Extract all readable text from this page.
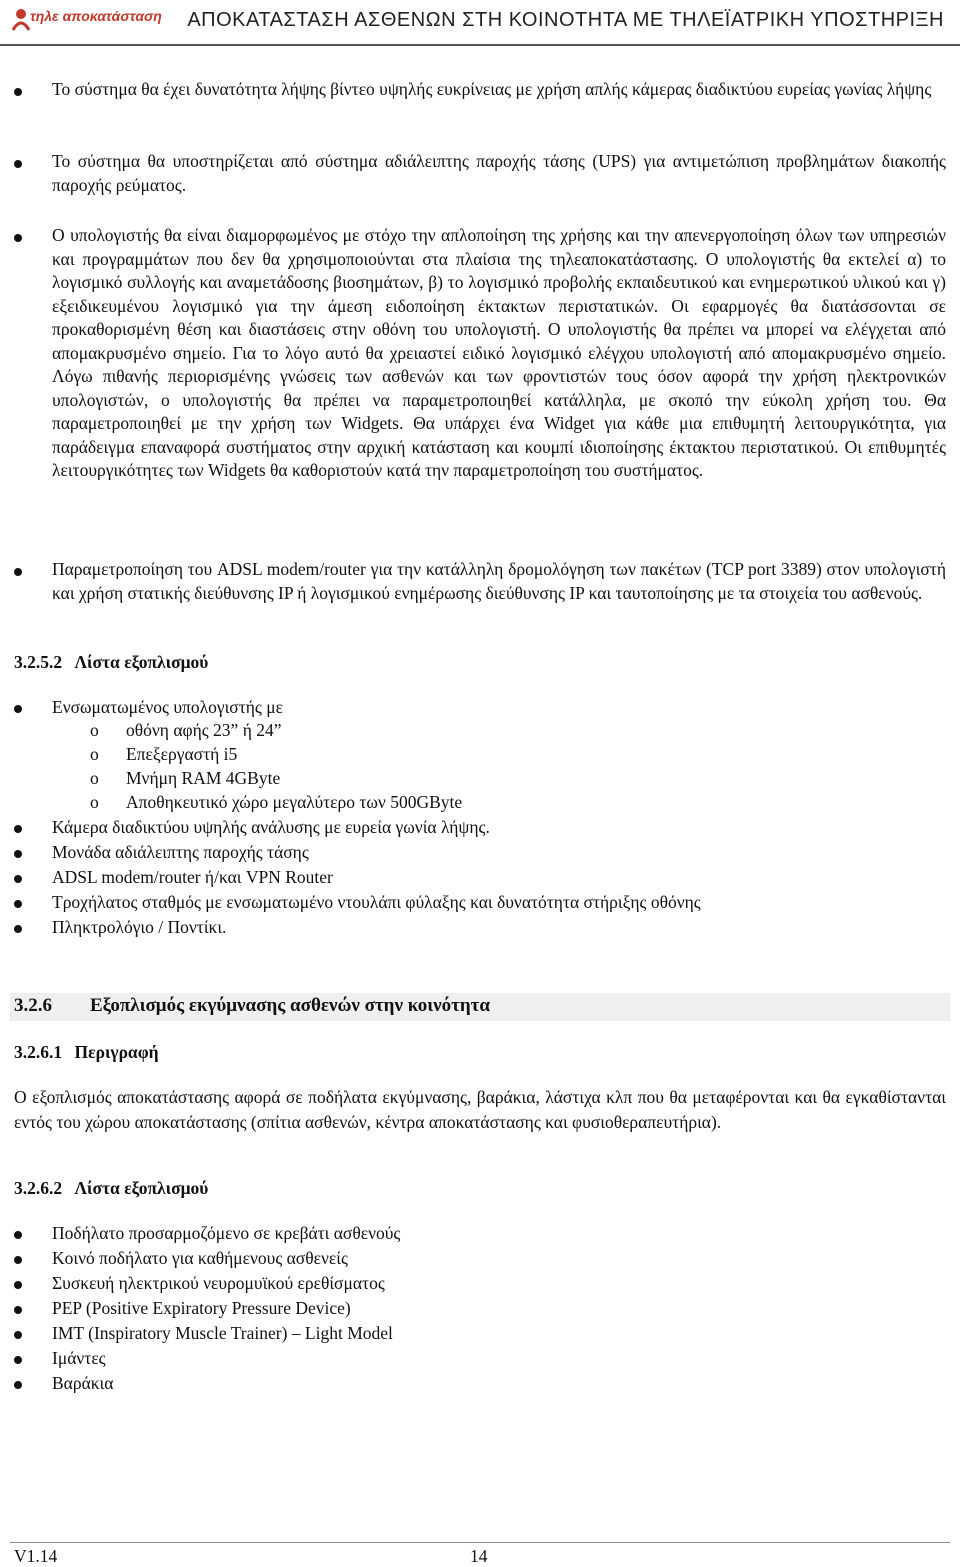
τηλε αποκατάσταση ΑΠΟΚΑΤΑΣΤΑΣΗ ΑΣΘΕΝΩΝ ΣΤΗ ΚΟΙΝΟΤΗΤΑ ΜΕ ΤΗΛΕΪΑΤΡΙΚΗ ΥΠΟΣΤΗΡΙΞΗ
Το σύστημα θα έχει δυνατότητα λήψης βίντεο υψηλής ευκρίνειας με χρήση απλής κάμερας διαδικτύου ευρείας γωνίας λήψης
Το σύστημα θα υποστηρίζεται από σύστημα αδιάλειπτης παροχής τάσης (UPS) για αντιμετώπιση προβλημάτων διακοπής παροχής ρεύματος.
Ο υπολογιστής θα είναι διαμορφωμένος με στόχο την απλοποίηση της χρήσης και την απενεργοποίηση όλων των υπηρεσιών και προγραμμάτων που δεν θα χρησιμοποιούνται στα πλαίσια της τηλεαποκατάστασης. Ο υπολογιστής θα εκτελεί α) το λογισμικό συλλογής και αναμετάδοσης βιοσημάτων, β) το λογισμικό προβολής εκπαιδευτικού και ενημερωτικού υλικού και γ) εξειδικευμένου λογισμικό για την άμεση ειδοποίηση έκτακτων περιστατικών. Οι εφαρμογές θα διατάσσονται σε προκαθορισμένη θέση και διαστάσεις στην οθόνη του υπολογιστή. Ο υπολογιστής θα πρέπει να μπορεί να ελέγχεται από απομακρυσμένο σημείο. Για το λόγο αυτό θα χρειαστεί ειδικό λογισμικό ελέγχου υπολογιστή από απομακρυσμένο σημείο. Λόγω πιθανής περιορισμένης γνώσεις των ασθενών και των φροντιστών τους όσον αφορά την χρήση ηλεκτρονικών υπολογιστών, ο υπολογιστής θα πρέπει να παραμετροποιηθεί κατάλληλα, με σκοπό την εύκολη χρήση του. Θα παραμετροποιηθεί με την χρήση των Widgets. Θα υπάρχει ένα Widget για κάθε μια επιθυμητή λειτουργικότητα, για παράδειγμα επαναφορά συστήματος στην αρχική κατάσταση και κουμπί ιδιοποίησης έκτακτου περιστατικού. Οι επιθυμητές λειτουργικότητες των Widgets θα καθοριστούν κατά την παραμετροποίηση του συστήματος.
Παραμετροποίηση του ADSL modem/router για την κατάλληλη δρομολόγηση των πακέτων (TCP port 3389) στον υπολογιστή και χρήση στατικής διεύθυνσης IP ή λογισμικού ενημέρωσης διεύθυνσης IP και ταυτοποίησης με τα στοιχεία του ασθενούς.
3.2.5.2 Λίστα εξοπλισμού
Ενσωματωμένος υπολογιστής με
o οθόνη αφής 23” ή 24”
o Επεξεργαστή i5
o Μνήμη RAM 4GByte
o Αποθηκευτικό χώρο μεγαλύτερο των 500GByte
Κάμερα διαδικτύου υψηλής ανάλυσης με ευρεία γωνία λήψης.
Μονάδα αδιάλειπτης παροχής τάσης
ADSL modem/router ή/και VPN Router
Τροχήλατος σταθμός με ενσωματωμένο ντουλάπι φύλαξης και δυνατότητα στήριξης οθόνης
Πληκτρολόγιο / Ποντίκι.
3.2.6 Εξοπλισμός εκγύμνασης ασθενών στην κοινότητα
3.2.6.1 Περιγραφή
Ο εξοπλισμός αποκατάστασης αφορά σε ποδήλατα εκγύμνασης, βαράκια, λάστιχα κλπ που θα μεταφέρονται και θα εγκαθίστανται εντός του χώρου αποκατάστασης (σπίτια ασθενών, κέντρα αποκατάστασης και φυσιοθεραπευτήρια).
3.2.6.2 Λίστα εξοπλισμού
Ποδήλατο προσαρμοζόμενο σε κρεβάτι ασθενούς
Κοινό ποδήλατο για καθήμενους ασθενείς
Συσκευή ηλεκτρικού νευρομυϊκού ερεθίσματος
PEP (Positive Expiratory Pressure Device)
IMT (Inspiratory Muscle Trainer) – Light Model
Ιμάντες
Βαράκια
V1.14	14
